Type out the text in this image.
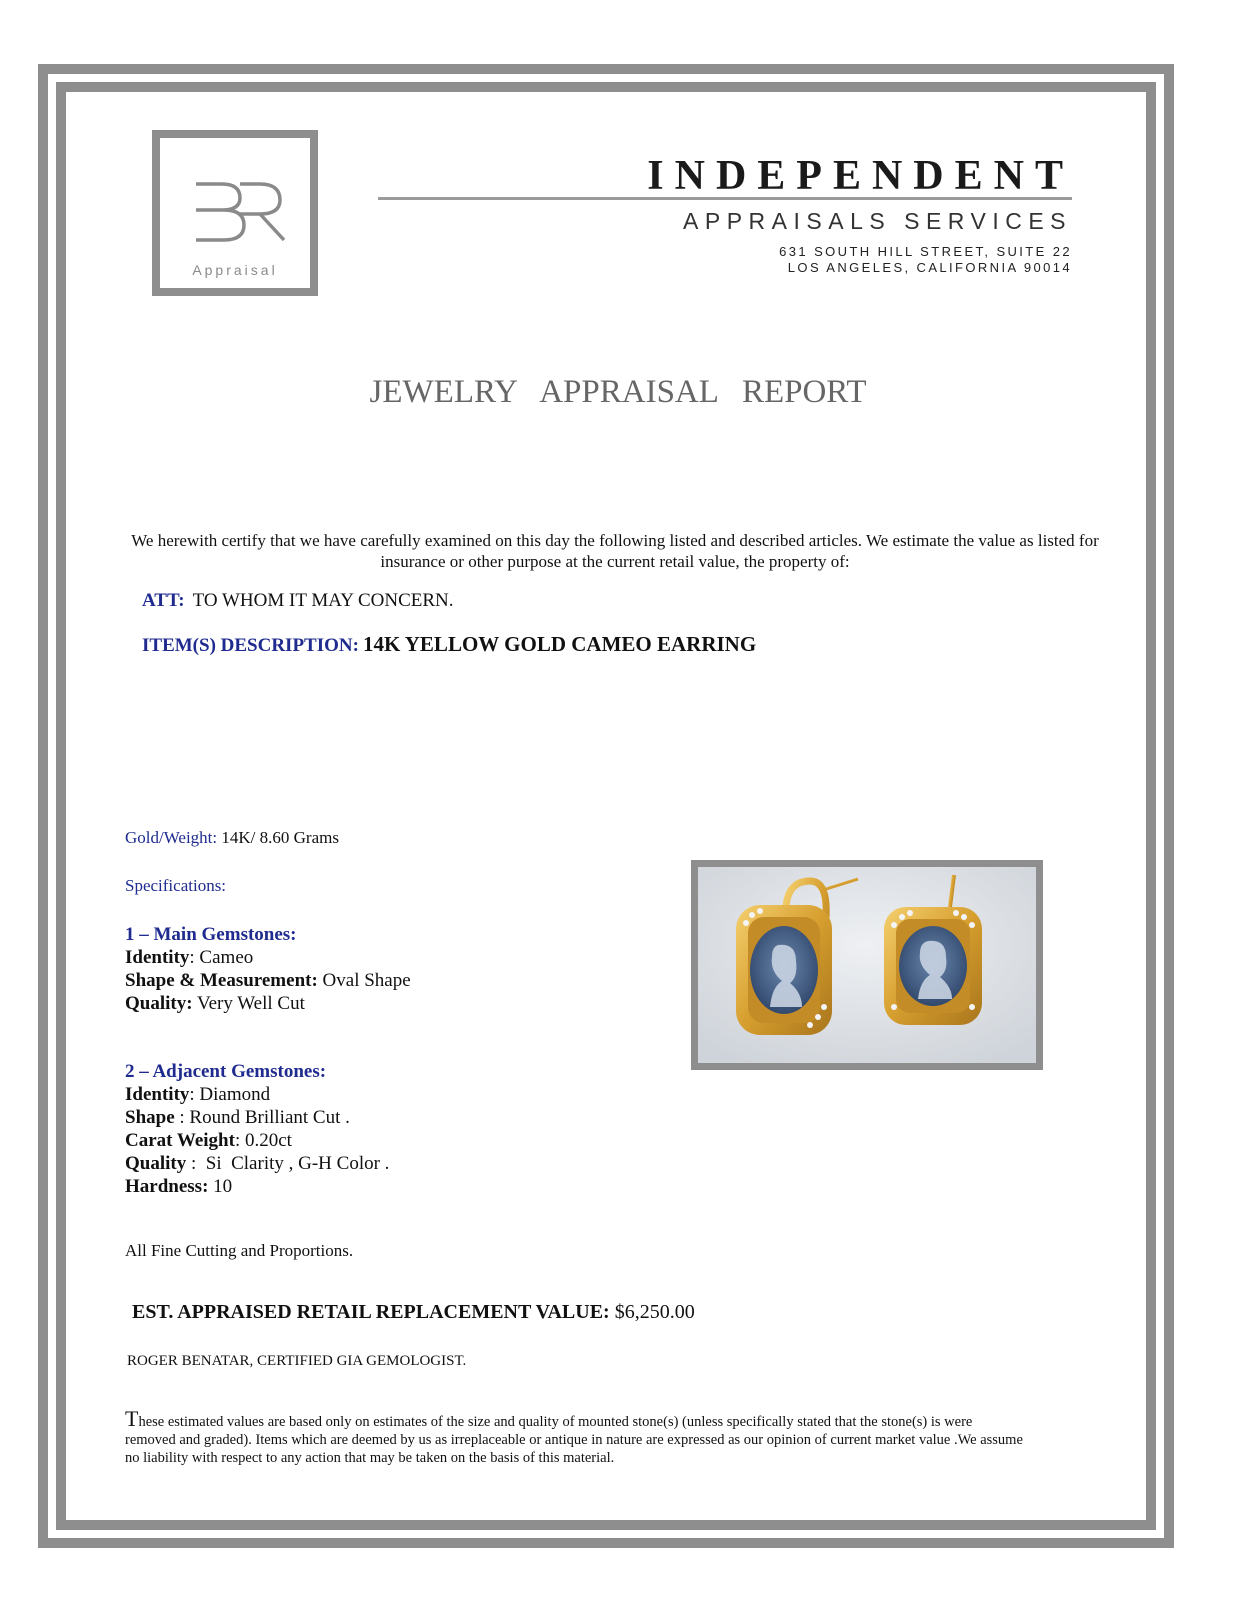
Appraisal
INDEPENDENT
APPRAISALS SERVICES
631 SOUTH HILL STREET, SUITE 22
LOS ANGELES, CALIFORNIA 90014
JEWELRY APPRAISAL REPORT
We herewith certify that we have carefully examined on this day the following listed and described articles. We estimate the value as listed for insurance or other purpose at the current retail value, the property of:
ATT: TO WHOM IT MAY CONCERN.
ITEM(S) DESCRIPTION: 14K YELLOW GOLD CAMEO EARRING
Gold/Weight: 14K/ 8.60 Grams
Specifications:
1 – Main Gemstones:
Identity: Cameo
Shape & Measurement: Oval Shape
Quality: Very Well Cut
2 – Adjacent Gemstones:
Identity: Diamond
Shape : Round Brilliant Cut .
Carat Weight: 0.20ct
Quality :  Si  Clarity , G-H Color .
Hardness: 10
All Fine Cutting and Proportions.
EST. APPRAISED RETAIL REPLACEMENT VALUE: $6,250.00
ROGER BENATAR, CERTIFIED GIA GEMOLOGIST.
These estimated values are based only on estimates of the size and quality of mounted stone(s) (unless specifically stated that the stone(s) is were removed and graded). Items which are deemed by us as irreplaceable or antique in nature are expressed as our opinion of current market value .We assume no liability with respect to any action that may be taken on the basis of this material.
